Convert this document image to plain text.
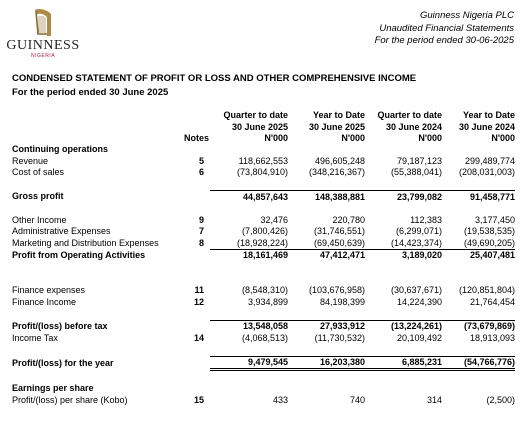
GUINNESS
NIGERIA
Guinness Nigeria PLC
Unaudited Financial Statements
For the period ended 30-06-2025
CONDENSED STATEMENT OF PROFIT OR LOSS AND OTHER COMPREHENSIVE INCOME
For the period ended 30 June 2025
		Quarter to date	Year to Date	Quarter to date	Year to Date
		30 June 2025	30 June 2025	30 June 2024	30 June 2024
	Notes	N'000	N'000	N'000	N'000
Continuing operations					
Revenue	5	118,662,553	496,605,248	79,187,123	299,489,774
Cost of sales	6	(73,804,910)	(348,216,367)	(55,388,041)	(208,031,003)

Gross profit		44,857,643	148,388,881	23,799,082	91,458,771

Other Income	9	32,476	220,780	112,383	3,177,450
Administrative Expenses	7	(7,800,426)	(31,746,551)	(6,299,071)	(19,538,535)
Marketing and Distribution Expenses	8	(18,928,224)	(69,450,639)	(14,423,374)	(49,690,205)
Profit from Operating Activities		18,161,469	47,412,471	3,189,020	25,407,481

Finance expenses	11	(8,548,310)	(103,676,958)	(30,637,671)	(120,851,804)
Finance Income	12	3,934,899	84,198,399	14,224,390	21,764,454

Profit/(loss) before tax		13,548,058	27,933,912	(13,224,261)	(73,679,869)
Income Tax	14	(4,068,513)	(11,730,532)	20,109,492	18,913,093

Profit/(loss) for the year		9,479,545	16,203,380	6,885,231	(54,766,776)

Earnings per share					
Profit/(loss) per share (Kobo)	15	433	740	314	(2,500)
